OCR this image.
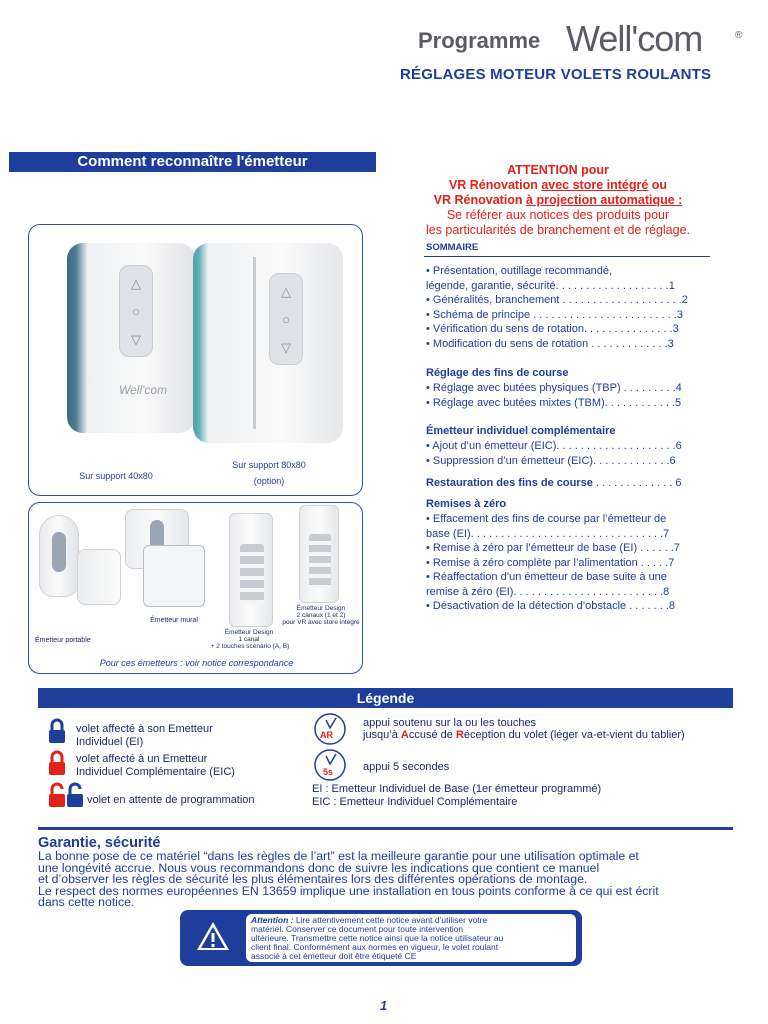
Programme Well'com	®
RÉGLAGES MOTEUR VOLETS ROULANTS
Comment reconnaître l'émetteur
△
○
▽
Well'com
△
○
▽
Sur support 40x80
Sur support 80x80
(option)
Émetteur portable
Émetteur mural
Émetteur Design
1 canal
+ 2 touches scénario (A, B)
Émetteur Design
2 canaux (1 et 2)
pour VR avec store intégré
Pour ces émetteurs : voir notice correspondance
ATTENTION pour
VR Rénovation avec store intégré ou
VR Rénovation à projection automatique :
Se référer aux notices des produits pour
les particularités de branchement et de réglage.
SOMMAIRE
• Présentation, outillage recommandé,
légende, garantie, sécurité. . . . . . . . . . . . . . . . . . .1
• Généralités, branchement . . . . . . . . . . . . . . . . . . . .2
• Schéma de principe . . . . . . . . . . . . . . . . . . . . . . . .3
• Vérification du sens de rotation. . . . . . . . . . . . . . .3
• Modification du sens de rotation . . . . . . . . . . . . .3
Réglage des fins de course
• Réglage avec butées physiques (TBP) . . . . . . . . .4
• Réglage avec butées mixtes (TBM). . . . . . . . . . . .5
Émetteur individuel complémentaire
• Ajout d’un émetteur (EIC). . . . . . . . . . . . . . . . . . . .6
• Suppression d’un émetteur (EIC). . . . . . . . . . . . .6
Restauration des fins de course . . . . . . . . . . . . . 6
Remises à zéro
• Effacement des fins de course par l’émetteur de
base (EI). . . . . . . . . . . . . . . . . . . . . . . . . . . . . . . .7
• Remise à zéro par l’émetteur de base (EI) . . . . . .7
• Remise à zéro complète par l’alimentation . . . . .7
• Réaffectation d’un émetteur de base suite à une
remise à zéro (EI). . . . . . . . . . . . . . . . . . . . . . . . .8
• Désactivation de la détection d’obstacle . . . . . . .8
Légende
volet affecté à son Emetteur
Individuel (EI)
volet affecté à un Emetteur
Individuel Complémentaire (EIC)
volet en attente de programmation
AR
appui soutenu sur la ou les touches
jusqu’à Accusé de Réception du volet (léger va-et-vient du tablier)
5s	appui 5 secondes
EI : Emetteur Individuel de Base (1er émetteur programmé)
EIC : Emetteur Individuel Complémentaire
Garantie, sécurité
La bonne pose de ce matériel “dans les règles de l’art” est la meilleure garantie pour une utilisation optimale et
une longévité accrue. Nous vous recommandons donc de suivre les indications que contient ce manuel
et d’observer les règles de sécurité les plus élémentaires lors des différentes opérations de montage.
Le respect des normes européennes EN 13659 implique une installation en tous points conforme à ce qui est écrit
dans cette notice.
Attention : Lire attentivement cette notice avant d’utiliser votre
matériel. Conserver ce document pour toute intervention
ultérieure. Transmettre cette notice ainsi que la notice utilisateur au
client final. Conformément aux normes en vigueur, le volet roulant
associé à cet émetteur doit être étiqueté CE
1
